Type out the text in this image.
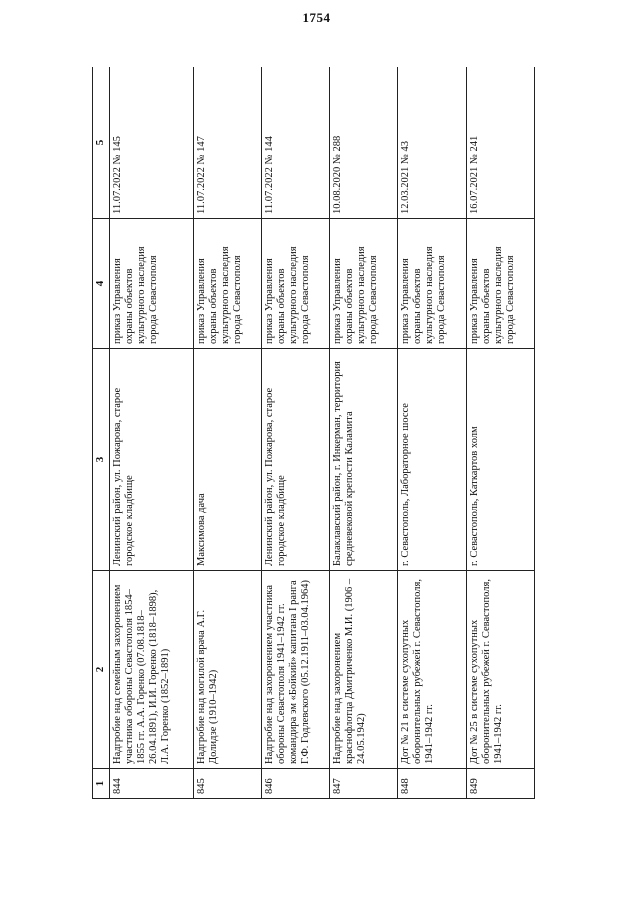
1754
1	2	3	4	5
844	Надгробие над семейным захоронением участника обороны Севастополя 1854–1855 гг. А.А. Горенко (07.08.1818–26.04.1891), И.И. Горенко (1818–1898), Л.А. Горенко (1852–1891)	Ленинский район, ул. Пожарова, старое городское кладбище	приказ Управления охраны объектов культурного наследия города Севастополя	11.07.2022 № 145
845	Надгробие над могилой врача А.Г. Долидзе (1910–1942)	Максимова дача	приказ Управления охраны объектов культурного наследия города Севастополя	11.07.2022 № 147
846	Надгробие над захоронением участника обороны Севастополя 1941–1942 гг. командира эм «Бойкий» капитана I ранга Г.Ф. Годлевского (05.12.1911–03.04.1964)	Ленинский район, ул. Пожарова, старое городское кладбище	приказ Управления охраны объектов культурного наследия города Севастополя	11.07.2022 № 144
847	Надгробие над захоронением краснофлотца Дмитриченко М.И. (1906 – 24.05.1942)	Балаклавский район, г. Инкерман, территория средневековой крепости Каламита	приказ Управления охраны объектов культурного наследия города Севастополя	10.08.2020 № 288
848	Дот № 21 в системе сухопутных оборонительных рубежей г. Севастополя, 1941–1942 гг.	г. Севастополь, Лабораторное шоссе	приказ Управления охраны объектов культурного наследия города Севастополя	12.03.2021 № 43
849	Дот № 25 в системе сухопутных оборонительных рубежей г. Севастополя, 1941–1942 гг.	г. Севастополь, Каткартов холм	приказ Управления охраны объектов культурного наследия города Севастополя	16.07.2021 № 241
